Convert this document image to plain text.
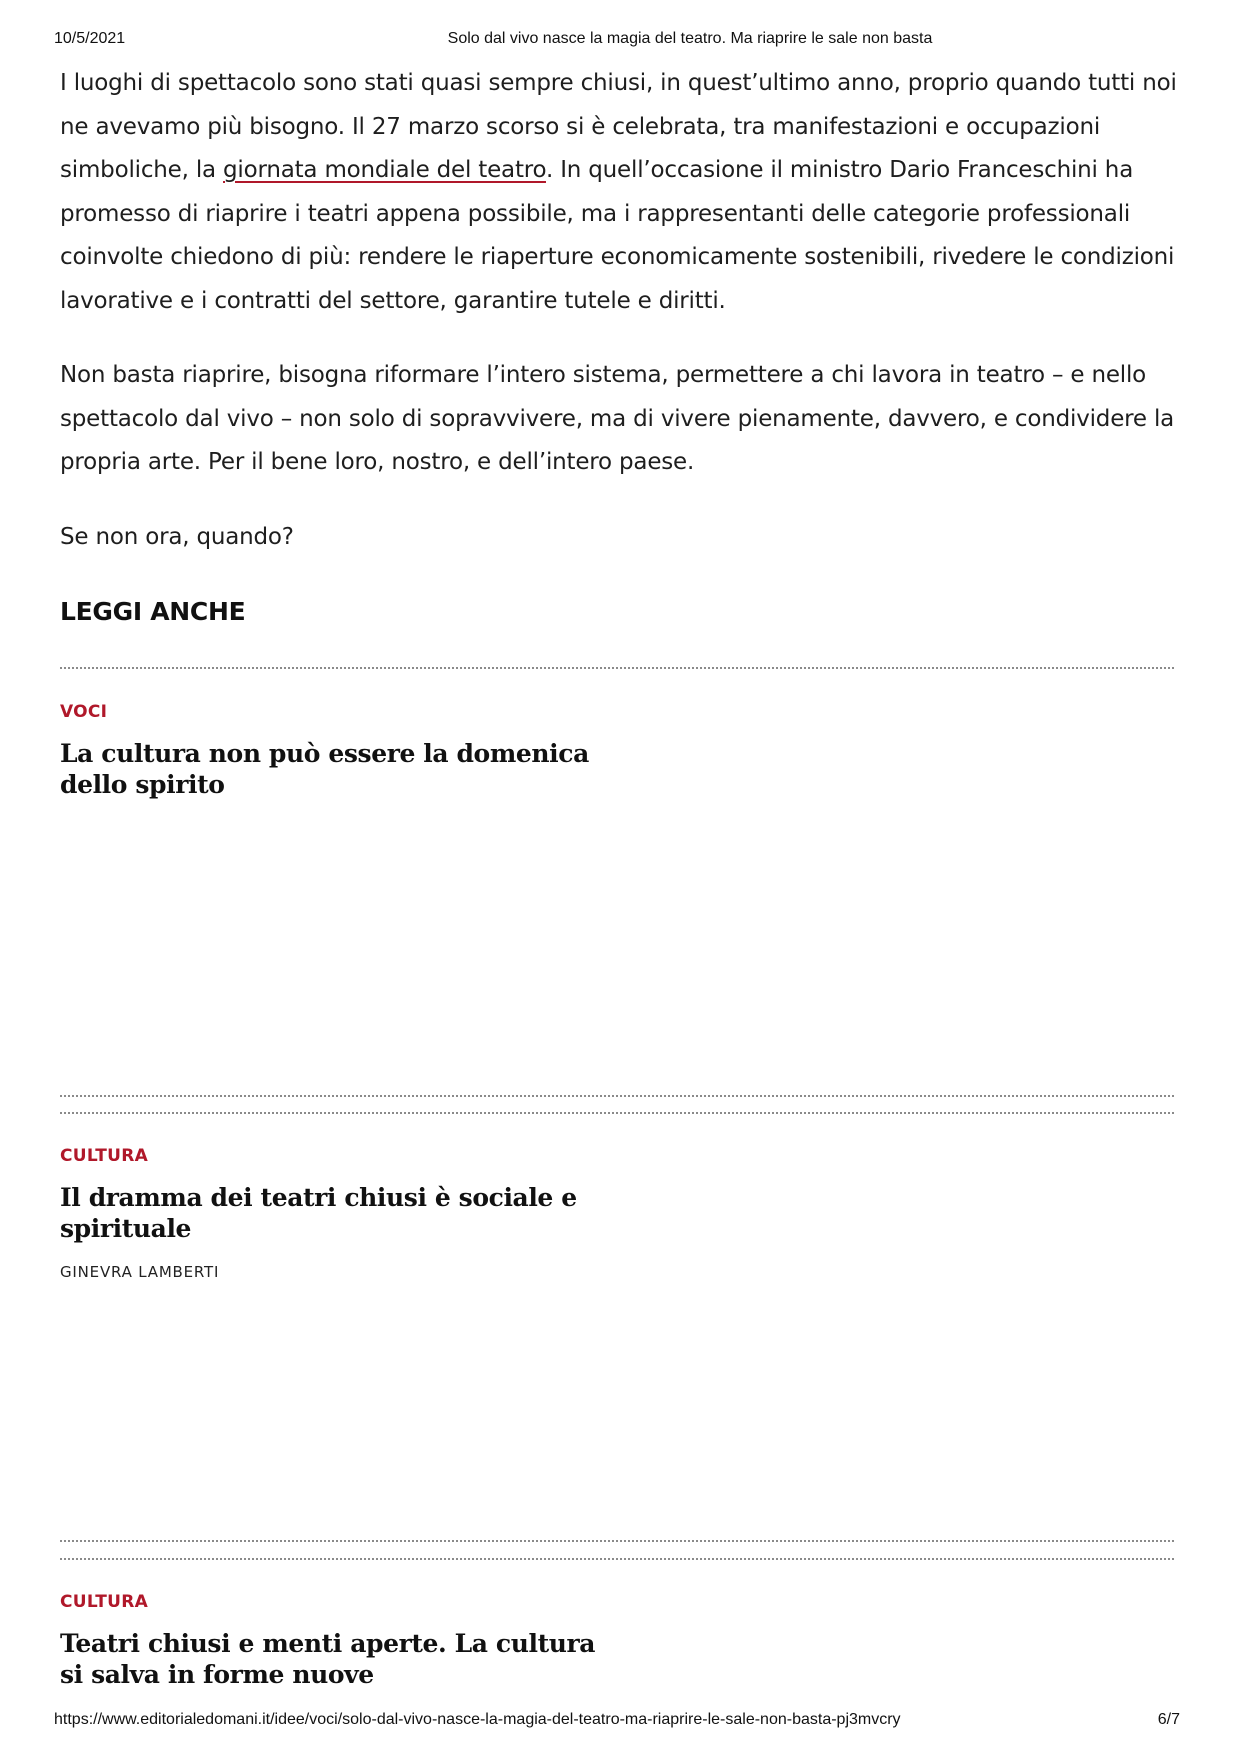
10/5/2021	Solo dal vivo nasce la magia del teatro. Ma riaprire le sale non basta

I luoghi di spettacolo sono stati quasi sempre chiusi, in quest’ultimo anno, proprio quando tutti noi ne avevamo più bisogno. Il 27 marzo scorso si è celebrata, tra manifestazioni e occupazioni simboliche, la giornata mondiale del teatro. In quell’occasione il ministro Dario Franceschini ha promesso di riaprire i teatri appena possibile, ma i rappresentanti delle categorie professionali coinvolte chiedono di più: rendere le riaperture economicamente sostenibili, rivedere le condizioni lavorative e i contratti del settore, garantire tutele e diritti.

Non basta riaprire, bisogna riformare l’intero sistema, permettere a chi lavora in teatro – e nello spettacolo dal vivo – non solo di sopravvivere, ma di vivere pienamente, davvero, e condividere la propria arte. Per il bene loro, nostro, e dell’intero paese.

Se non ora, quando?

LEGGI ANCHE
VOCI
La cultura non può essere la domenica dello spirito
CULTURA
Il dramma dei teatri chiusi è sociale e spirituale
GINEVRA LAMBERTI
CULTURA
Teatri chiusi e menti aperte. La cultura si salva in forme nuove
https://www.editorialedomani.it/idee/voci/solo-dal-vivo-nasce-la-magia-del-teatro-ma-riaprire-le-sale-non-basta-pj3mvcry	6/7
